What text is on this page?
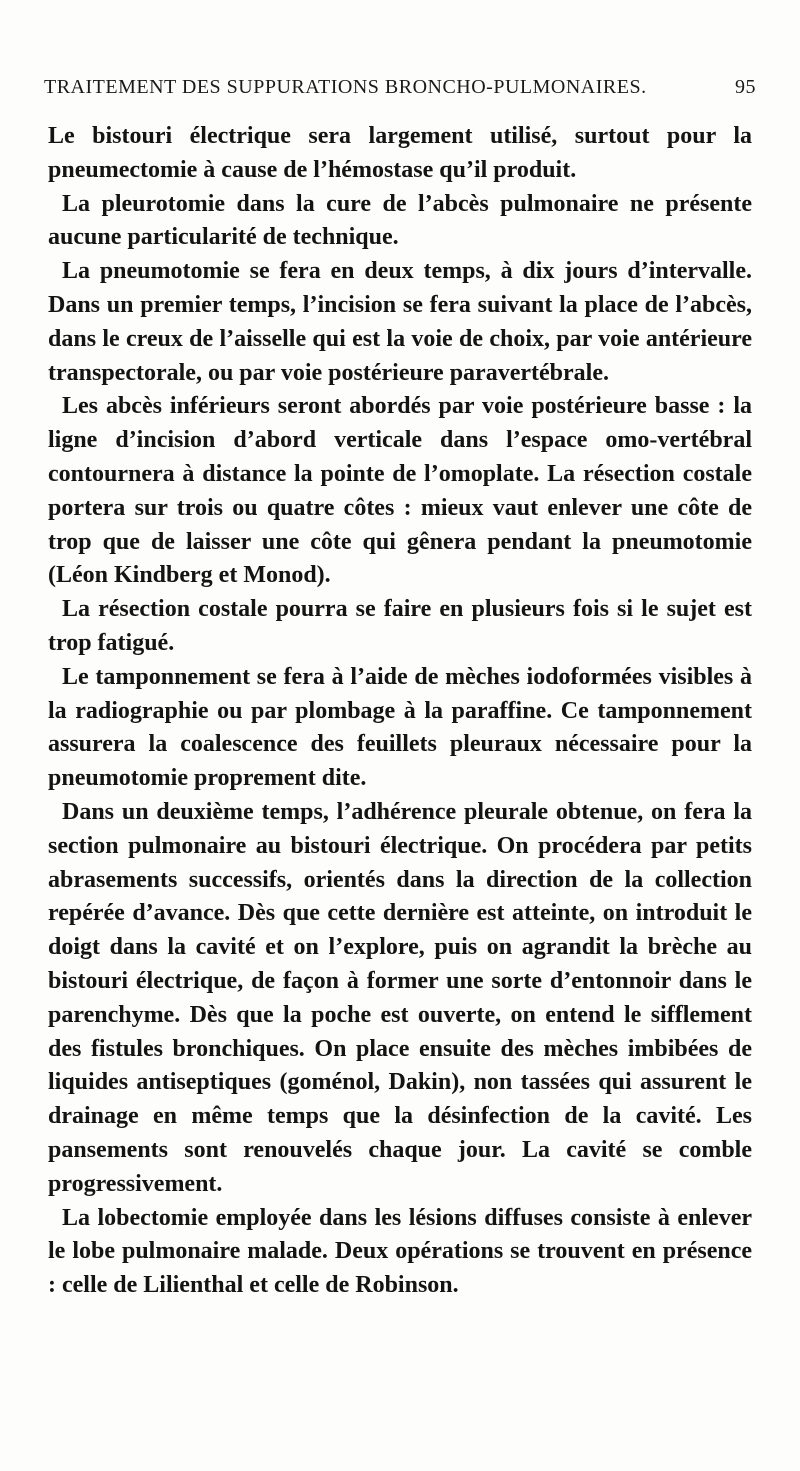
TRAITEMENT DES SUPPURATIONS BRONCHO-PULMONAIRES.	95

Le bistouri électrique sera largement utilisé, surtout pour la pneumectomie à cause de l’hémostase qu’il produit.

La pleurotomie dans la cure de l’abcès pulmonaire ne présente aucune particularité de technique.

La pneumotomie se fera en deux temps, à dix jours d’intervalle. Dans un premier temps, l’incision se fera suivant la place de l’abcès, dans le creux de l’aisselle qui est la voie de choix, par voie antérieure transpectorale, ou par voie postérieure paravertébrale.

Les abcès inférieurs seront abordés par voie postérieure basse : la ligne d’incision d’abord verticale dans l’espace omo-vertébral contournera à distance la pointe de l’omoplate. La résection costale portera sur trois ou quatre côtes : mieux vaut enlever une côte de trop que de laisser une côte qui gênera pendant la pneumotomie (Léon Kindberg et Monod).

La résection costale pourra se faire en plusieurs fois si le sujet est trop fatigué.

Le tamponnement se fera à l’aide de mèches iodoformées visibles à la radiographie ou par plombage à la paraffine. Ce tamponnement assurera la coalescence des feuillets pleuraux nécessaire pour la pneumotomie proprement dite.

Dans un deuxième temps, l’adhérence pleurale obtenue, on fera la section pulmonaire au bistouri électrique. On procédera par petits abrasements successifs, orientés dans la direction de la collection repérée d’avance. Dès que cette dernière est atteinte, on introduit le doigt dans la cavité et on l’explore, puis on agrandit la brèche au bistouri électrique, de façon à former une sorte d’entonnoir dans le parenchyme. Dès que la poche est ouverte, on entend le sifflement des fistules bronchiques. On place ensuite des mèches imbibées de liquides antiseptiques (goménol, Dakin), non tassées qui assurent le drainage en même temps que la désinfection de la cavité. Les pansements sont renouvelés chaque jour. La cavité se comble progressivement.

La lobectomie employée dans les lésions diffuses consiste à enlever le lobe pulmonaire malade. Deux opérations se trouvent en présence : celle de Lilienthal et celle de Robinson.
